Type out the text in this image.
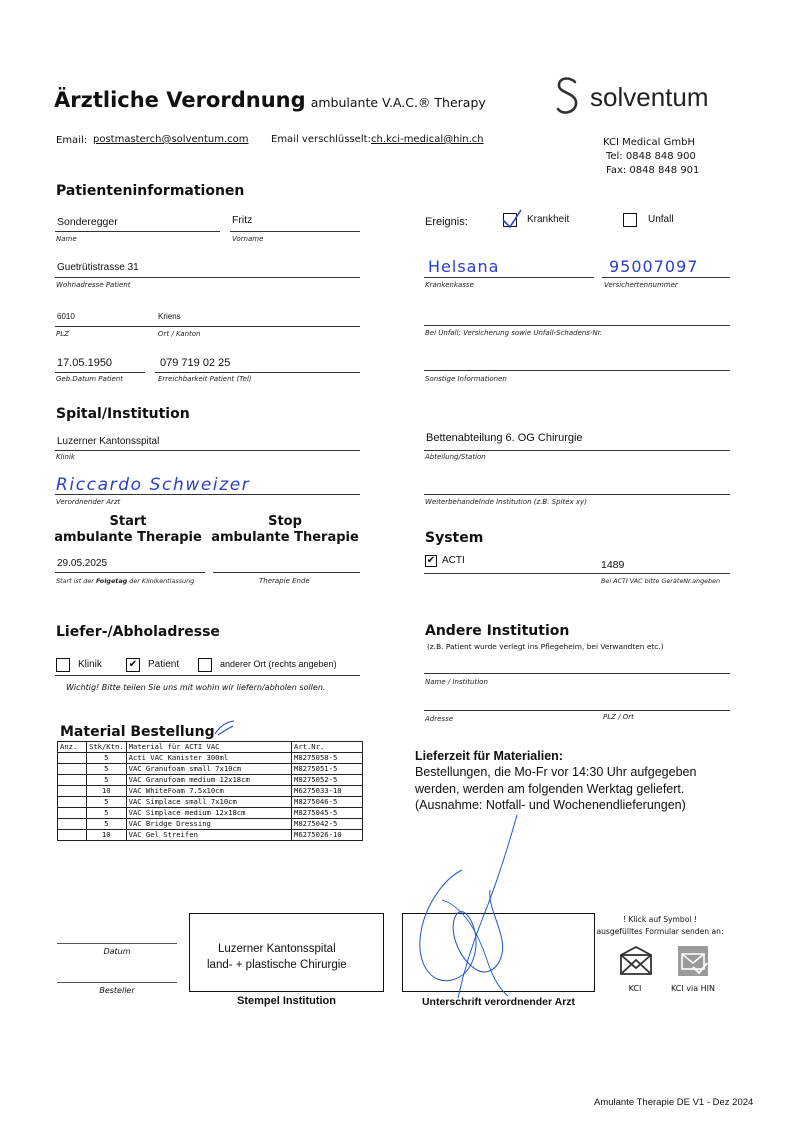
Ärztliche Verordnung ambulante V.A.C.® Therapy	solventum
Email: postmasterch@solventum.com Email verschlüsselt: ch.kci-medical@hin.ch	KCI Medical GmbH
Tel: 0848 848 900
Fax: 0848 848 901
Patienteninformationen
Sonderegger
Name
Fritz
Vorname
Guetrütistrasse 31
Wohnadresse Patient
6010	Kriens
PLZ	Ort / Kanton
17.05.1950
Geb.Datum Patient
079 719 02 25
Erreichbarkeit Patient (Tel)
Ereignis:	Krankheit	Unfall
Helsana
Krankenkasse
95007097
Versichertennummer
Bei Unfall; Versicherung sowie Unfall-Schadens-Nr.
Sonstige Informationen
Spital/Institution
Luzerner Kantonsspital
Klinik
Bettenabteilung 6. OG Chirurgie
Abteilung/Station
Riccardo Schweizer
Verordnender Arzt	Weiterbehandelnde Institution (z.B. Spitex xy)
Start
ambulante Therapie
Stop
ambulante Therapie
29.05.2025
Start ist der Folgetag der Klinikentlassung	Therapie Ende
System
✔ ACTI	1489
Bei ACTI VAC bitte GeräteNr.angeben
Liefer-/Abholadresse
Klinik	✔ Patient	anderer Ort (rechts angeben)
Wichtig! Bitte teilen Sie uns mit wohin wir liefern/abholen sollen.
Andere Institution
(z.B. Patient wurde verlegt ins Pflegeheim, bei Verwandten etc.)
Name / Institution
Adresse	PLZ / Ort
Material Bestellung
Anz.	Stk/Ktn.	Material für ACTI VAC	Art.Nr.
	5	Acti VAC Kanister 300ml	M8275058-5
	5	VAC Granufoam small 7x10cm	M8275051-5
	5	VAC Granufoam medium 12x18cm	M8275052-5
	10	VAC WhiteFoam 7.5x10cm	M6275033-10
	5	VAC Simplace small 7x10cm	M8275046-5
	5	VAC Simplace medium 12x18cm	M8275045-5
	5	VAC Bridge Dressing	M8275042-5
	10	VAC Gel Streifen	M6275026-10
Lieferzeit für Materialien:
Bestellungen, die Mo-Fr vor 14:30 Uhr aufgegeben
werden, werden am folgenden Werktag geliefert.
(Ausnahme: Notfall- und Wochenendlieferungen)
Datum
Besteller
Luzerner Kantonsspital
land- + plastische Chirurgie
Stempel Institution	Unterschrift verordnender Arzt
! Klick auf Symbol !
ausgefülltes Formular senden an:
KCI	KCI via HIN
Amulante Therapie DE V1 - Dez 2024
